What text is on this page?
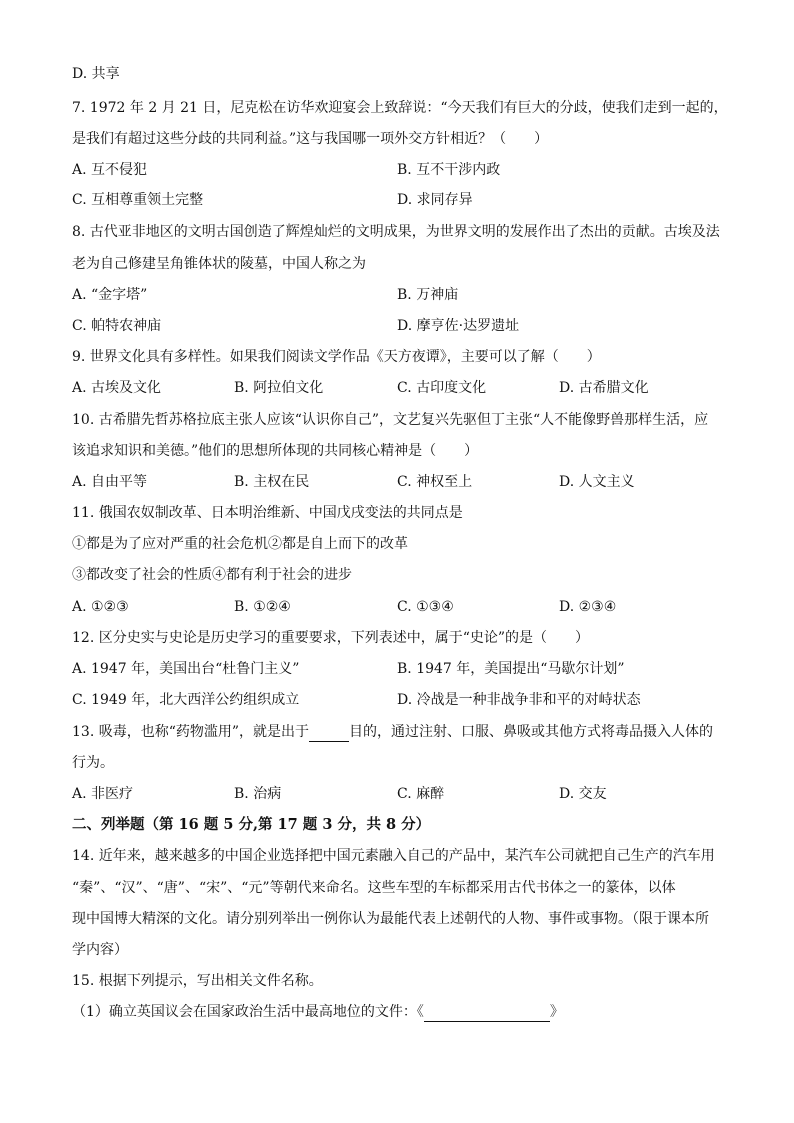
D. 共享
7. 1972 年 2 月 21 日，尼克松在访华欢迎宴会上致辞说：“今天我们有巨大的分歧，使我们走到一起的，
是我们有超过这些分歧的共同利益。”这与我国哪一项外交方针相近？（　　）
A. 互不侵犯	B. 互不干涉内政
C. 互相尊重领土完整	D. 求同存异
8. 古代亚非地区的文明古国创造了辉煌灿烂的文明成果，为世界文明的发展作出了杰出的贡献。古埃及法
老为自己修建呈角锥体状的陵墓，中国人称之为
A. “金字塔”	B. 万神庙
C. 帕特农神庙	D. 摩亨佐·达罗遗址
9. 世界文化具有多样性。如果我们阅读文学作品《天方夜谭》，主要可以了解（　　）
A. 古埃及文化	B. 阿拉伯文化	C. 古印度文化	D. 古希腊文化
10. 古希腊先哲苏格拉底主张人应该“认识你自己”，文艺复兴先驱但丁主张“人不能像野兽那样生活，应
该追求知识和美德。”他们的思想所体现的共同核心精神是（　　）
A. 自由平等	B. 主权在民	C. 神权至上	D. 人文主义
11. 俄国农奴制改革、日本明治维新、中国戊戌变法的共同点是
①都是为了应对严重的社会危机②都是自上而下的改革
③都改变了社会的性质④都有利于社会的进步
A. ①②③	B. ①②④	C. ①③④	D. ②③④
12. 区分史实与史论是历史学习的重要要求，下列表述中，属于“史论”的是（　　）
A. 1947 年，美国出台“杜鲁门主义”	B. 1947 年，美国提出“马歇尔计划”
C. 1949 年，北大西洋公约组织成立	D. 冷战是一种非战争非和平的对峙状态
13. 吸毒，也称“药物滥用”，就是出于	目的，通过注射、口服、鼻吸或其他方式将毒品摄入人体的
行为。
A. 非医疗	B. 治病	C. 麻醉	D. 交友
二、列举题（第 16 题 5 分,第 17 题 3 分，共 8 分）
14. 近年来，越来越多的中国企业选择把中国元素融入自己的产品中，某汽车公司就把自己生产的汽车用
“秦”、“汉”、“唐”、“宋”、“元”等朝代来命名。这些车型的车标都采用古代书体之一的篆体，以体
现中国博大精深的文化。请分别列举出一例你认为最能代表上述朝代的人物、事件或事物。（限于课本所
学内容）
15. 根据下列提示，写出相关文件名称。
（1）确立英国议会在国家政治生活中最高地位的文件：《	》
